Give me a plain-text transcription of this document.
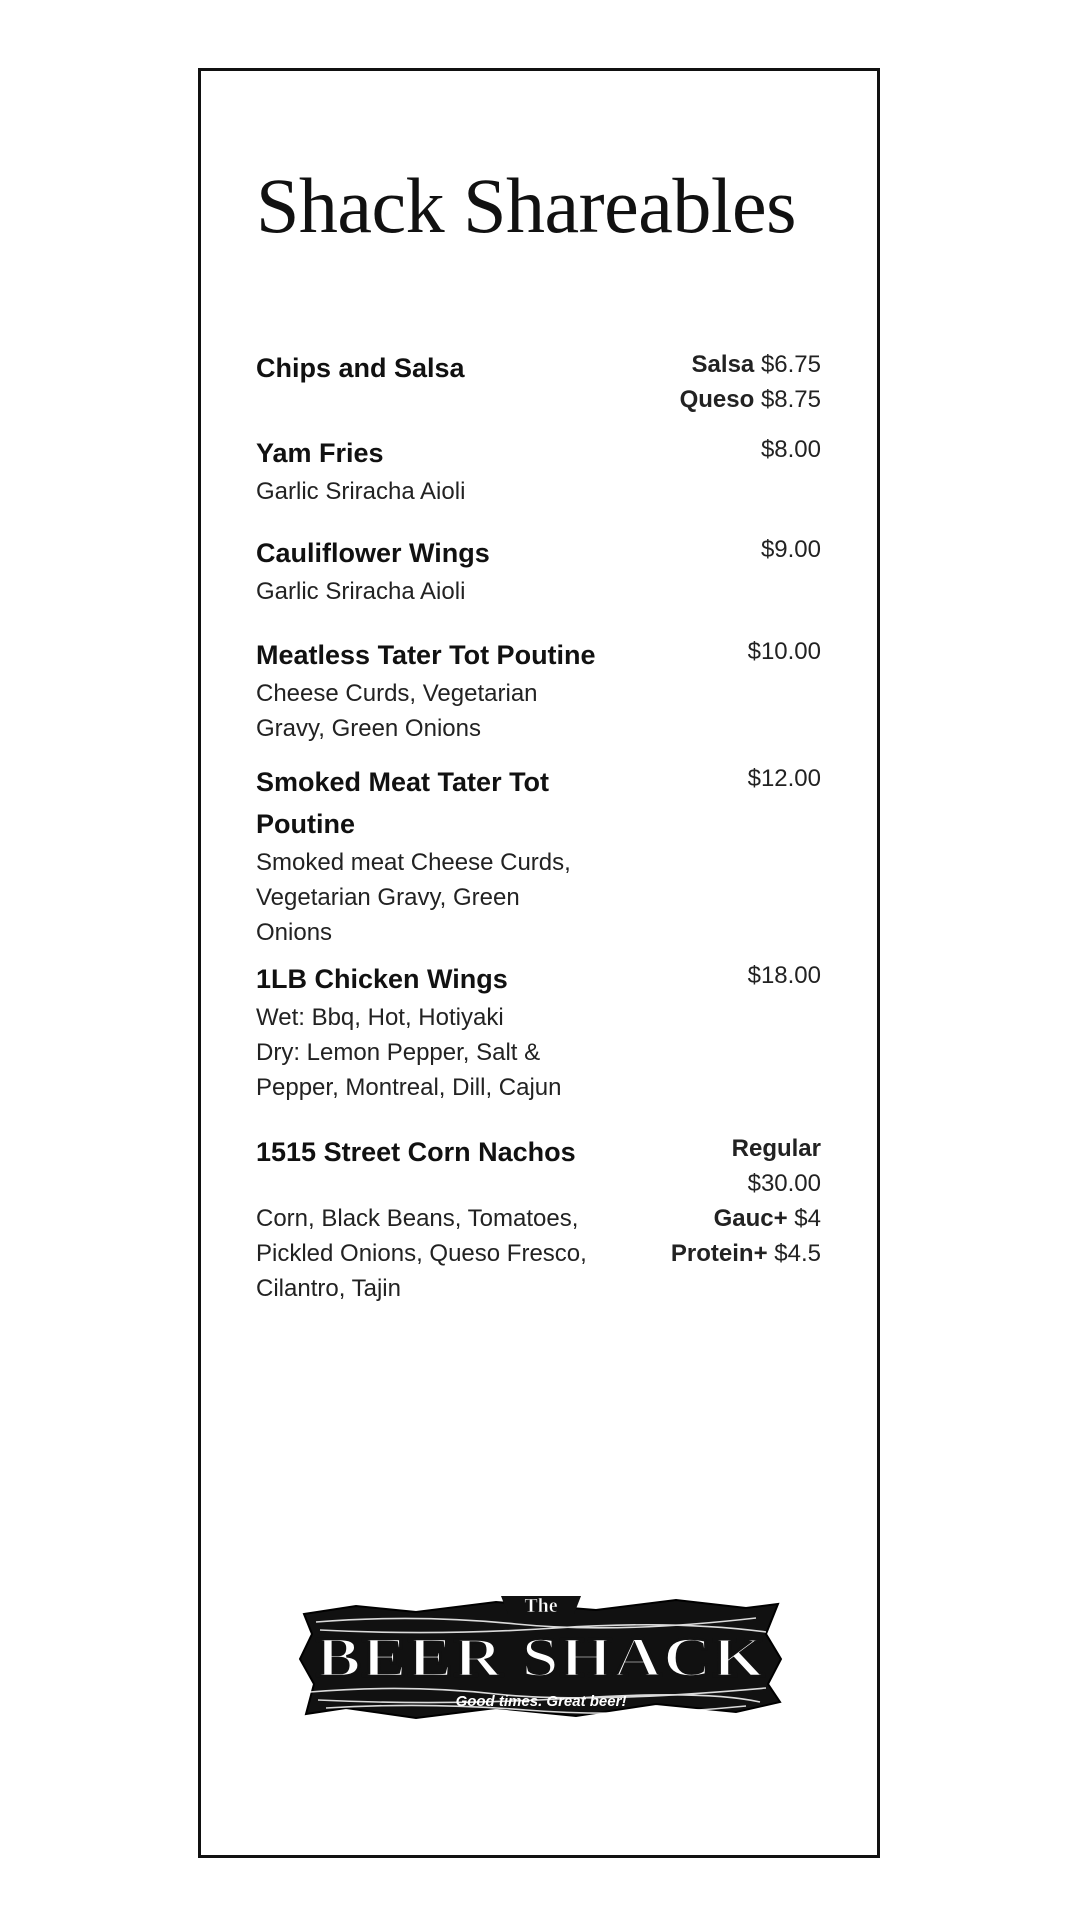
Shack Shareables
Chips and Salsa	Salsa $6.75
Queso $8.75
Yam Fries
Garlic Sriracha Aioli
$8.00
Cauliflower Wings
Garlic Sriracha Aioli
$9.00
Meatless Tater Tot Poutine
Cheese Curds, Vegetarian
Gravy, Green Onions
$10.00
Smoked Meat Tater Tot
Poutine
Smoked meat Cheese Curds,
Vegetarian Gravy, Green
Onions
$12.00
1LB Chicken Wings
Wet: Bbq, Hot, Hotiyaki
Dry: Lemon Pepper, Salt &
Pepper, Montreal, Dill, Cajun
$18.00
1515 Street Corn Nachos
Corn, Black Beans, Tomatoes,
Pickled Onions, Queso Fresco,
Cilantro, Tajin
Regular
$30.00
Gauc+ $4
Protein+ $4.5
The
BEER SHACK
Good times. Great beer!
